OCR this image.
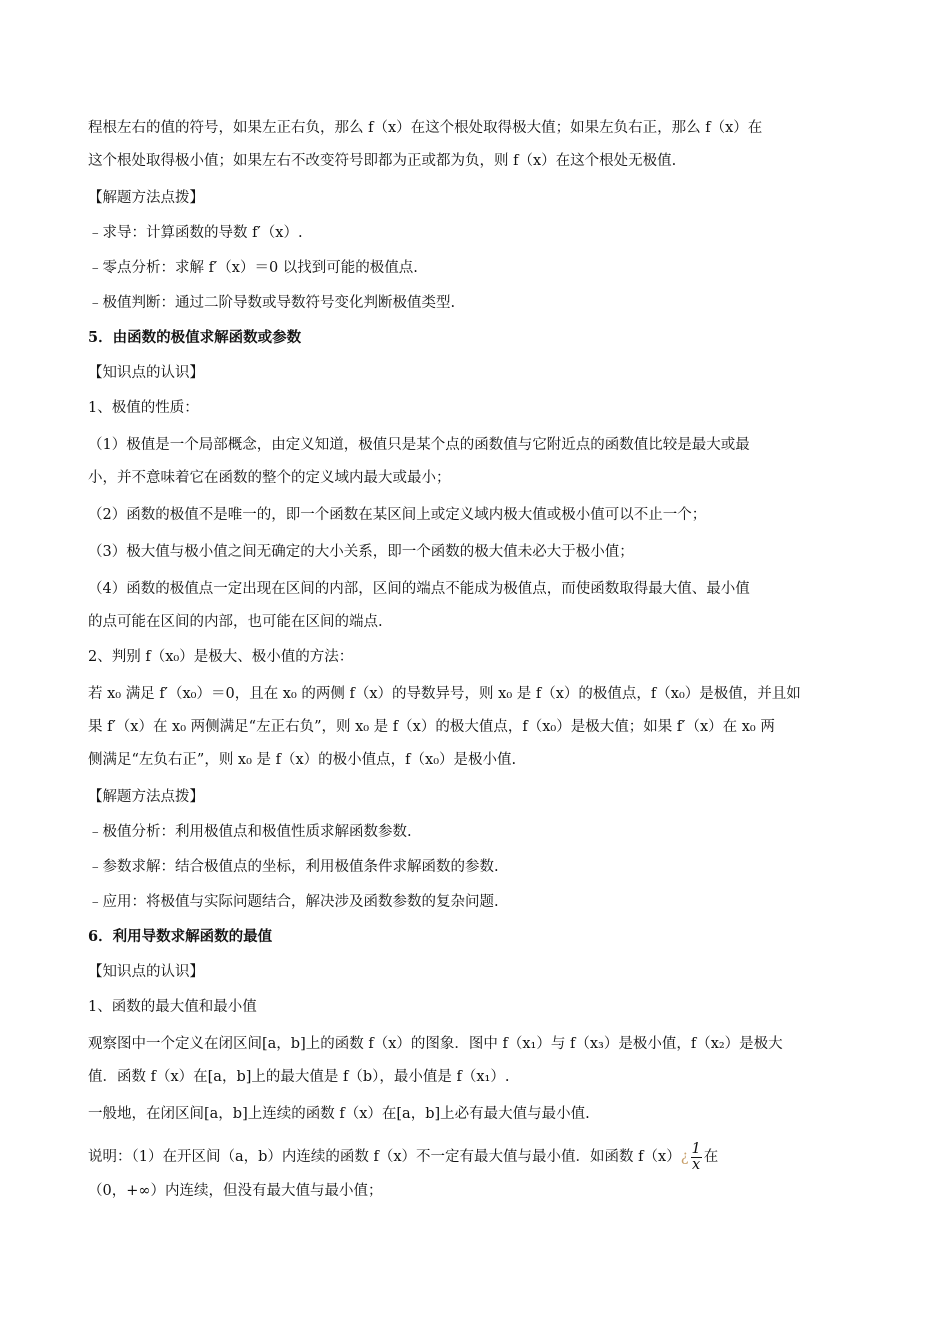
程根左右的值的符号，如果左正右负，那么 f（x）在这个根处取得极大值；如果左负右正，那么 f（x）在

这个根处取得极小值；如果左右不改变符号即都为正或都为负，则 f（x）在这个根处无极值.

【解题方法点拨】

﹣求导：计算函数的导数 f′（x）.

﹣零点分析：求解 f′（x）＝0 以找到可能的极值点.

﹣极值判断：通过二阶导数或导数符号变化判断极值类型.

5．由函数的极值求解函数或参数

【知识点的认识】

1、极值的性质：

（1）极值是一个局部概念，由定义知道，极值只是某个点的函数值与它附近点的函数值比较是最大或最

小，并不意味着它在函数的整个的定义域内最大或最小；

（2）函数的极值不是唯一的，即一个函数在某区间上或定义域内极大值或极小值可以不止一个；

（3）极大值与极小值之间无确定的大小关系，即一个函数的极大值未必大于极小值；

（4）函数的极值点一定出现在区间的内部，区间的端点不能成为极值点，而使函数取得最大值、最小值

的点可能在区间的内部，也可能在区间的端点.

2、判别 f（x₀）是极大、极小值的方法：

若 x₀ 满足 f′（x₀）＝0，且在 x₀ 的两侧 f（x）的导数异号，则 x₀ 是 f（x）的极值点，f（x₀）是极值，并且如

果 f′（x）在 x₀ 两侧满足“左正右负”，则 x₀ 是 f（x）的极大值点，f（x₀）是极大值；如果 f′（x）在 x₀ 两

侧满足“左负右正”，则 x₀ 是 f（x）的极小值点，f（x₀）是极小值.

【解题方法点拨】

﹣极值分析：利用极值点和极值性质求解函数参数.

﹣参数求解：结合极值点的坐标，利用极值条件求解函数的参数.

﹣应用：将极值与实际问题结合，解决涉及函数参数的复杂问题.

6．利用导数求解函数的最值

【知识点的认识】

1、函数的最大值和最小值

观察图中一个定义在闭区间[a，b]上的函数 f（x）的图象．图中 f（x₁）与 f（x₃）是极小值，f（x₂）是极大

值．函数 f（x）在[a，b]上的最大值是 f（b），最小值是 f（x₁）.

一般地，在闭区间[a，b]上连续的函数 f（x）在[a，b]上必有最大值与最小值.

说明：（1）在开区间（a，b）内连续的函数 f（x）不一定有最大值与最小值．如函数 f（x）¿ $\frac{1}{x}$ 在

（0，+∞）内连续，但没有最大值与最小值；
